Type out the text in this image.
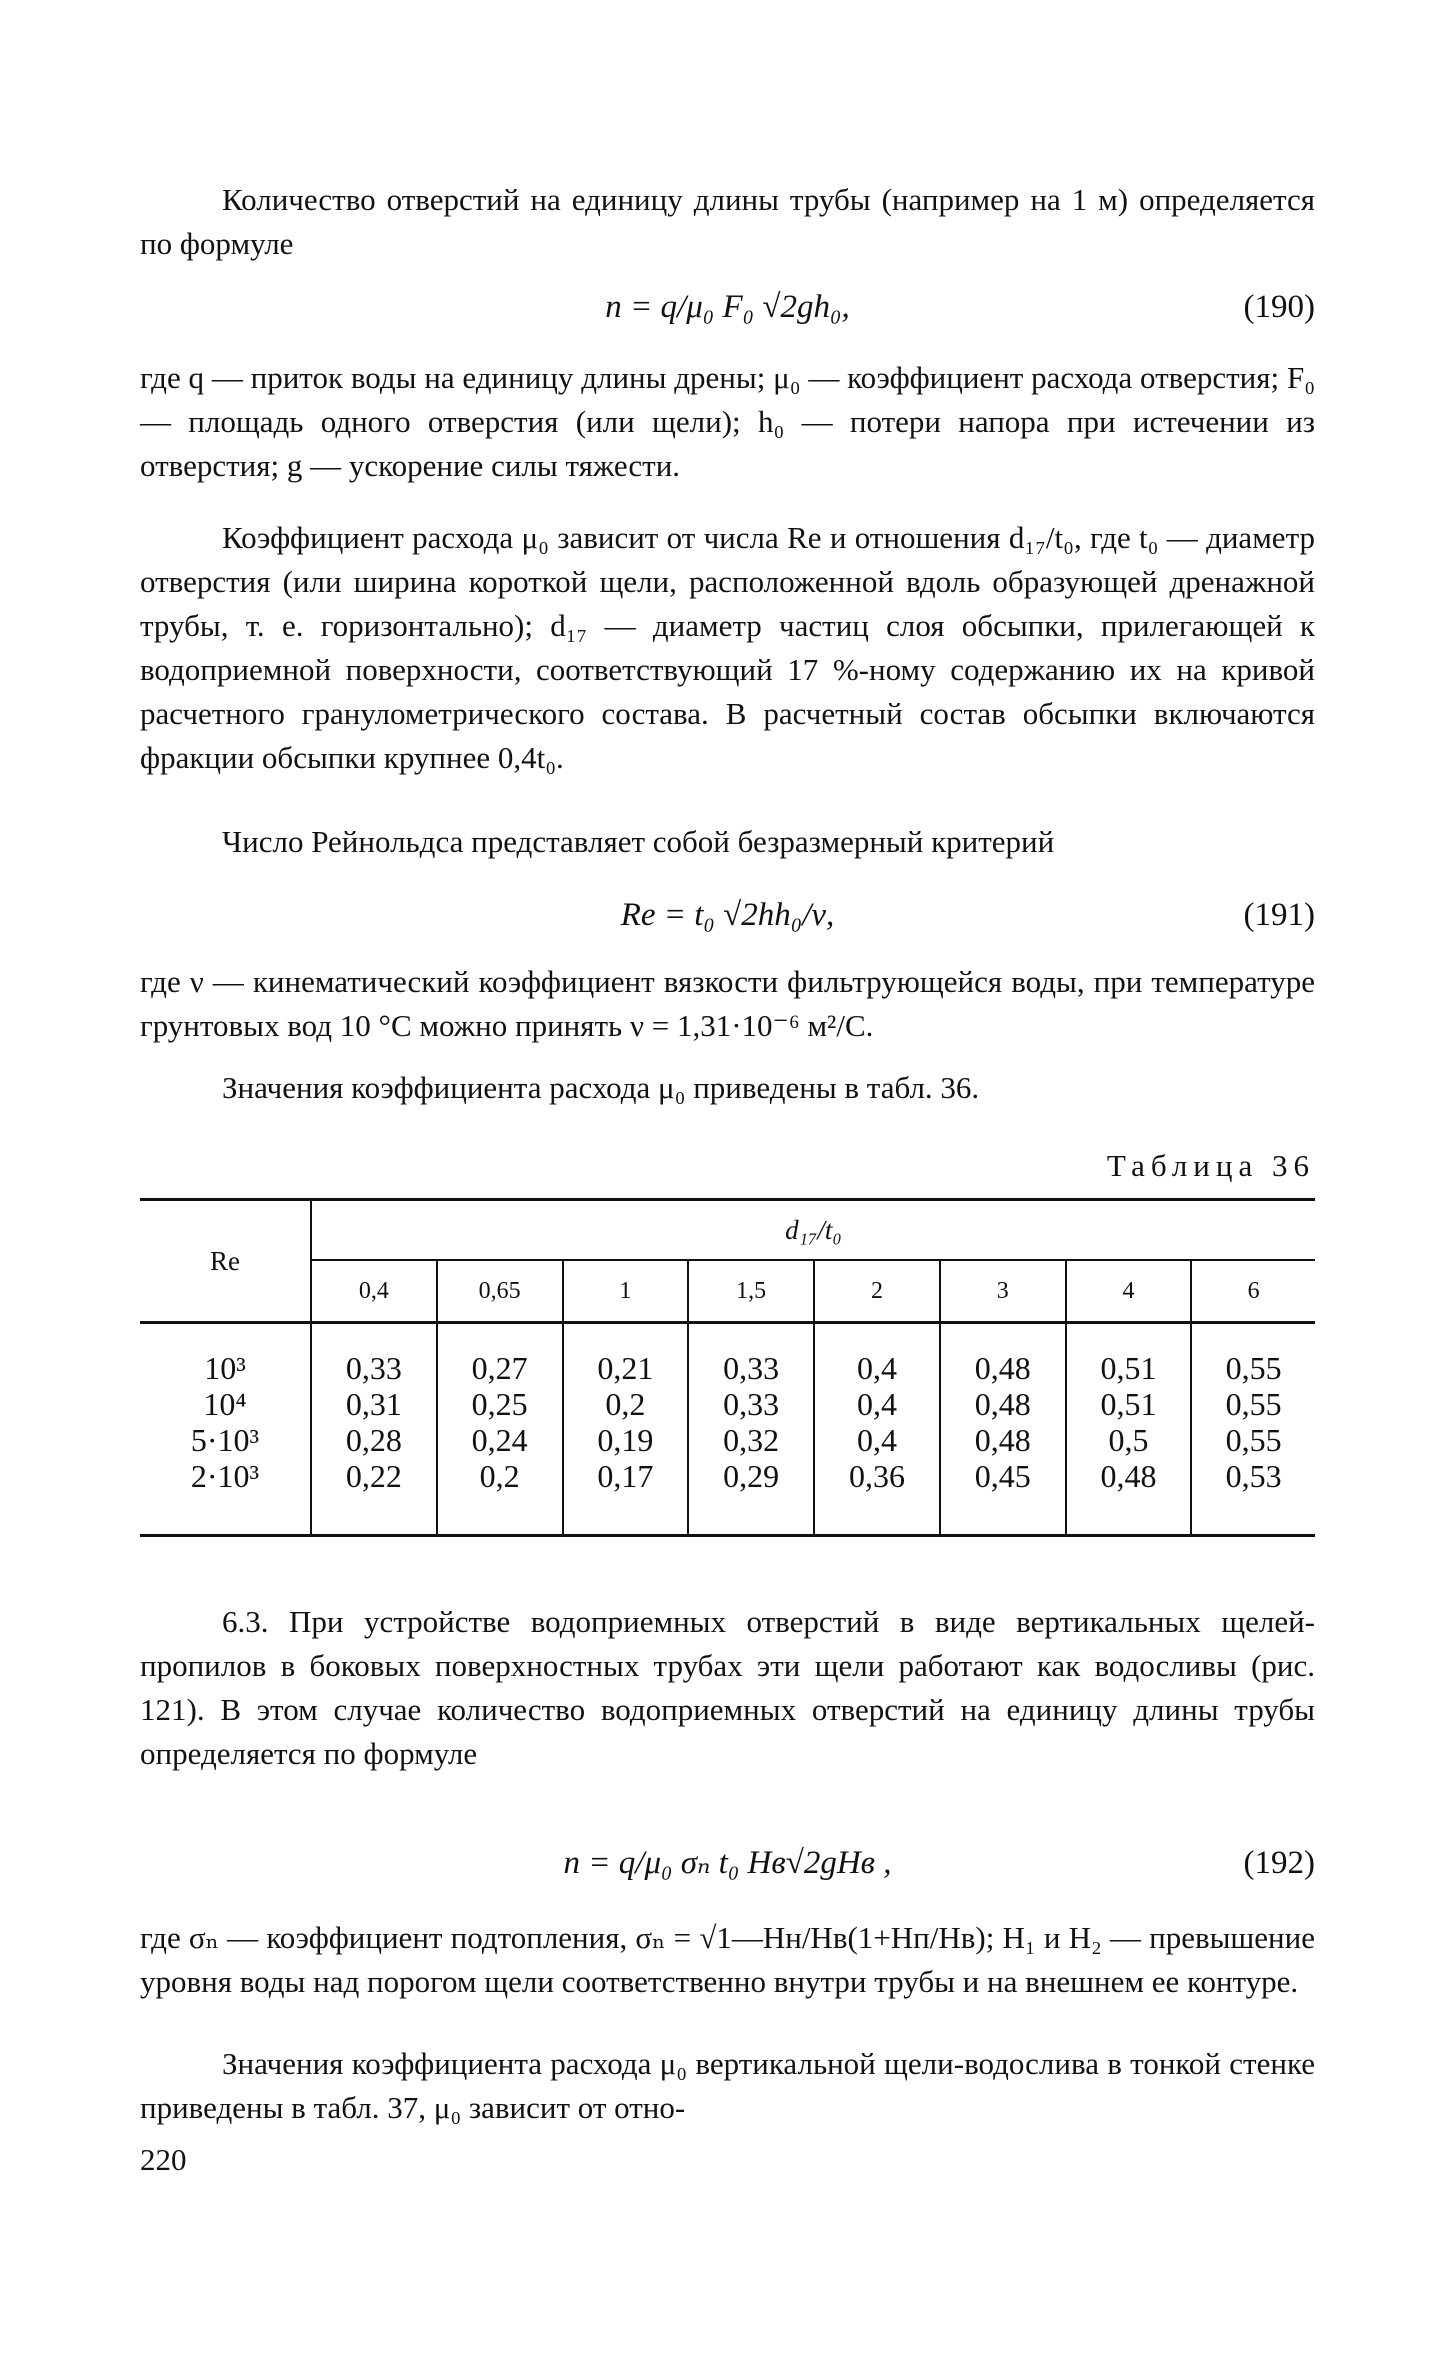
Количество отверстий на единицу длины трубы (например на 1 м) определяется по формуле

n = q/μ₀ F₀ √2gh₀,	(190)

где q — приток воды на единицу длины дрены; μ₀ — коэффициент расхода отверстия; F₀ — площадь одного отверстия (или щели); h₀ — потери напора при истечении из отверстия; g — ускорение силы тяжести.

Коэффициент расхода μ₀ зависит от числа Re и отношения d₁₇/t₀, где t₀ — диаметр отверстия (или ширина короткой щели, расположенной вдоль образующей дренажной трубы, т. е. горизонтально); d₁₇ — диаметр частиц слоя обсыпки, прилегающей к водоприемной поверхности, соответствующий 17 %-ному содержанию их на кривой расчетного гранулометрического состава. В расчетный состав обсыпки включаются фракции обсыпки крупнее 0,4t₀.

Число Рейнольдса представляет собой безразмерный критерий

Re = t₀ √2hh₀/ν,	(191)

где ν — кинематический коэффициент вязкости фильтрующейся воды, при температуре грунтовых вод 10 °С можно принять ν = 1,31·10⁻⁶ м²/С.

Значения коэффициента расхода μ₀ приведены в табл. 36.

Таблица 36
Re	d₁₇/t₀							
	0,4	0,65	1	1,5	2	3	4	6
10³	0,33	0,27	0,21	0,33	0,4	0,48	0,51	0,55
10⁴	0,31	0,25	0,2	0,33	0,4	0,48	0,51	0,55
5·10³	0,28	0,24	0,19	0,32	0,4	0,48	0,5	0,55
2·10³	0,22	0,2	0,17	0,29	0,36	0,45	0,48	0,53

6.3. При устройстве водоприемных отверстий в виде вертикальных щелей-пропилов в боковых поверхностных трубах эти щели работают как водосливы (рис. 121). В этом случае количество водоприемных отверстий на единицу длины трубы определяется по формуле

n = q/μ₀ σₙ t₀ Hв√2gHв ,	(192)

где σₙ — коэффициент подтопления, σₙ = √1—Hн/Hв(1+Hп/Hв); H₁ и H₂ — превышение уровня воды над порогом щели соответственно внутри трубы и на внешнем ее контуре.

Значения коэффициента расхода μ₀ вертикальной щели-водослива в тонкой стенке приведены в табл. 37, μ₀ зависит от отно-

220
